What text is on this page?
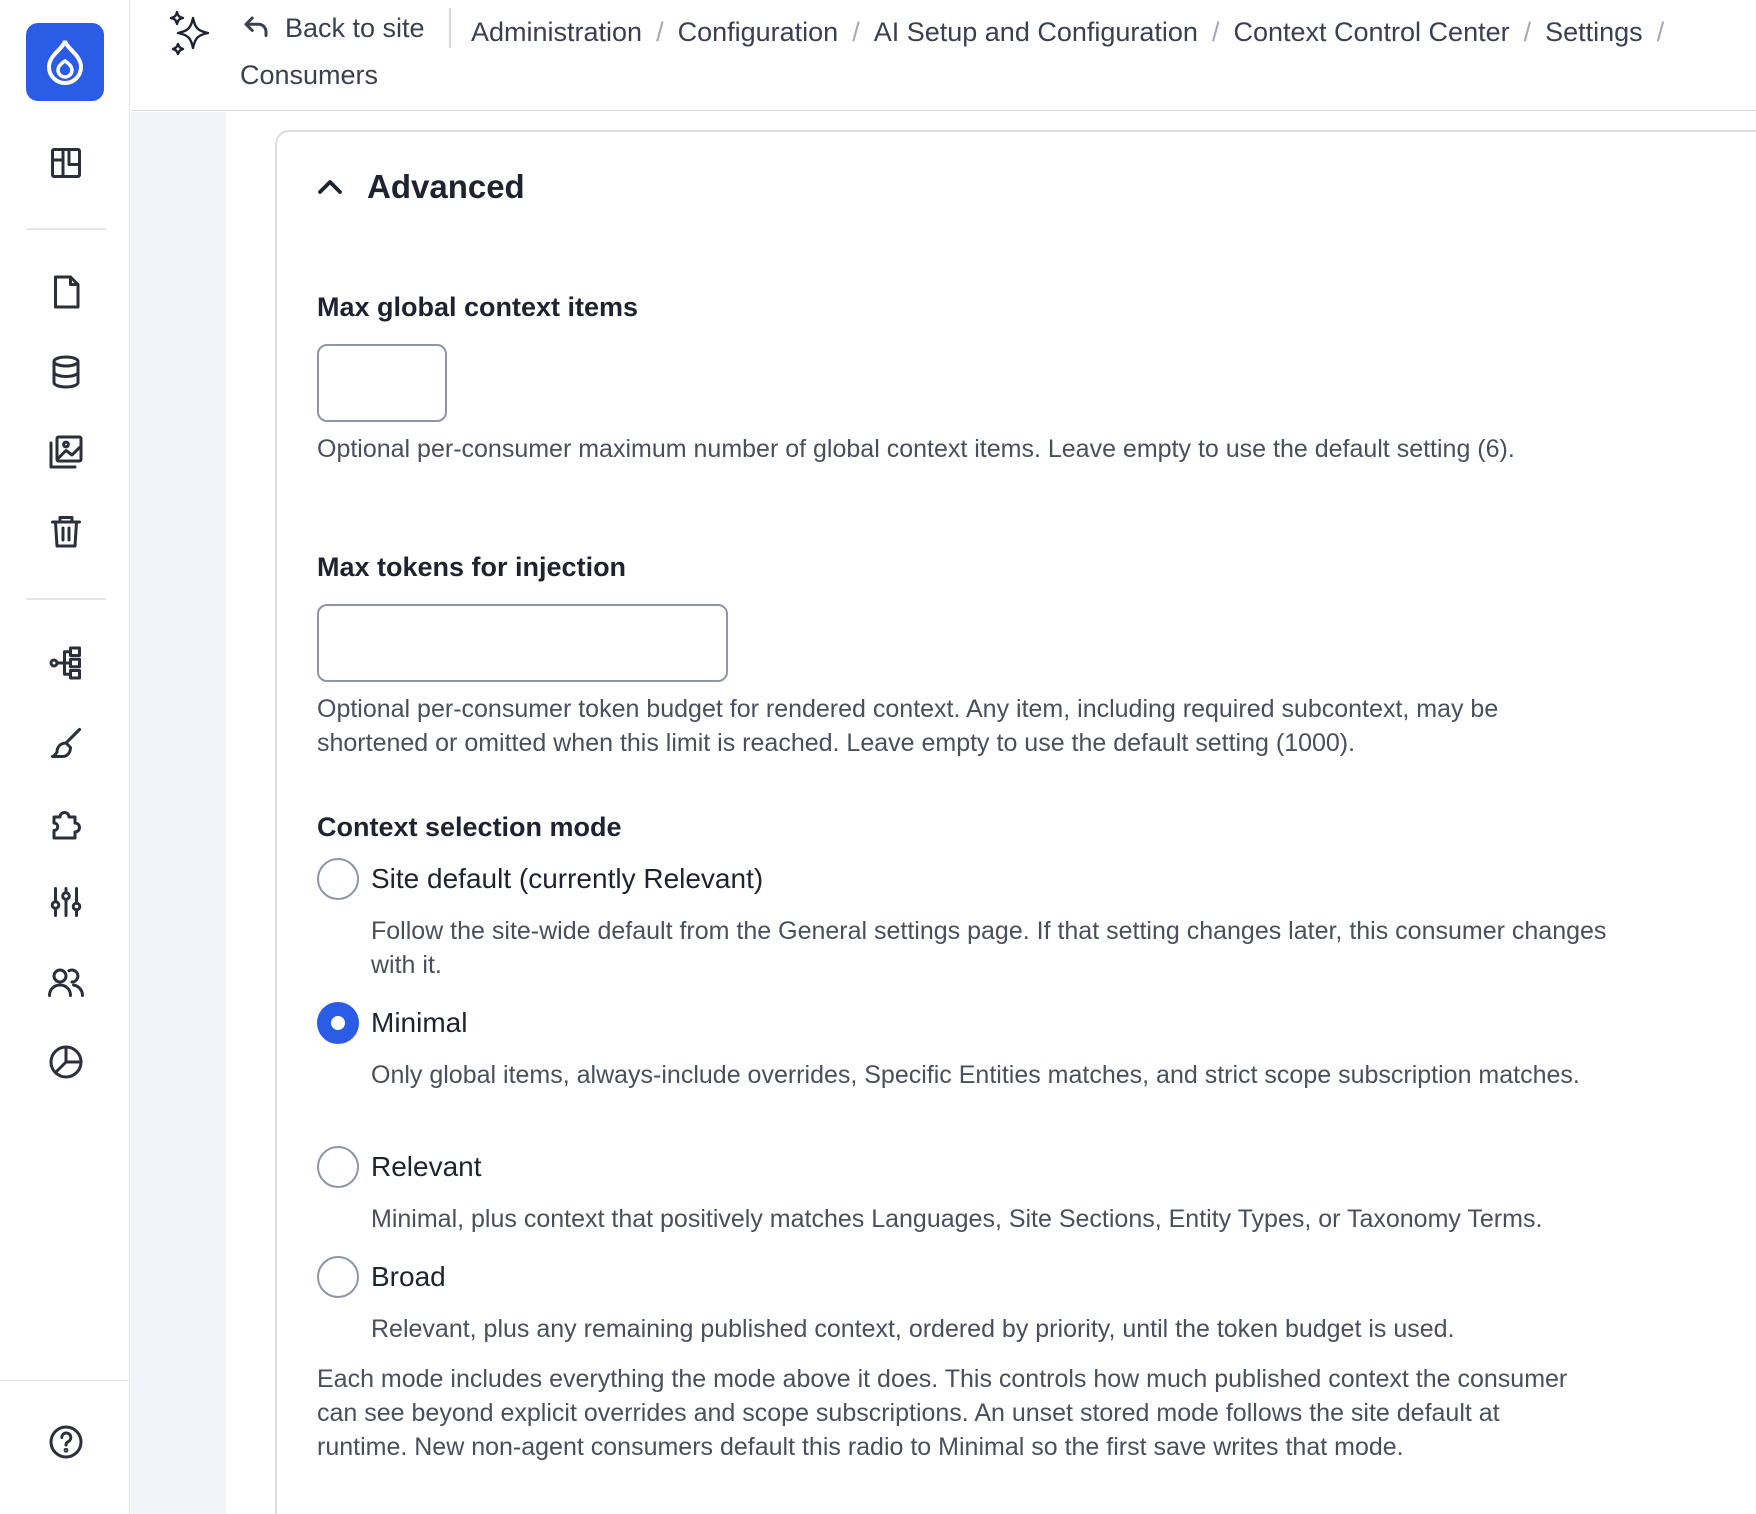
Back to site Administration / Configuration / AI Setup and Configuration / Context Control Center / Settings /
Consumers
Advanced
Max global context items
Optional per-consumer maximum number of global context items. Leave empty to use the default setting (6).
Max tokens for injection
Optional per-consumer token budget for rendered context. Any item, including required subcontext, may be shortened or omitted when this limit is reached. Leave empty to use the default setting (1000).
Context selection mode
Site default (currently Relevant)
Follow the site-wide default from the General settings page. If that setting changes later, this consumer changes with it.
Minimal
Only global items, always-include overrides, Specific Entities matches, and strict scope subscription matches.
Relevant
Minimal, plus context that positively matches Languages, Site Sections, Entity Types, or Taxonomy Terms.
Broad
Relevant, plus any remaining published context, ordered by priority, until the token budget is used.
Each mode includes everything the mode above it does. This controls how much published context the consumer can see beyond explicit overrides and scope subscriptions. An unset stored mode follows the site default at runtime. New non-agent consumers default this radio to Minimal so the first save writes that mode.
